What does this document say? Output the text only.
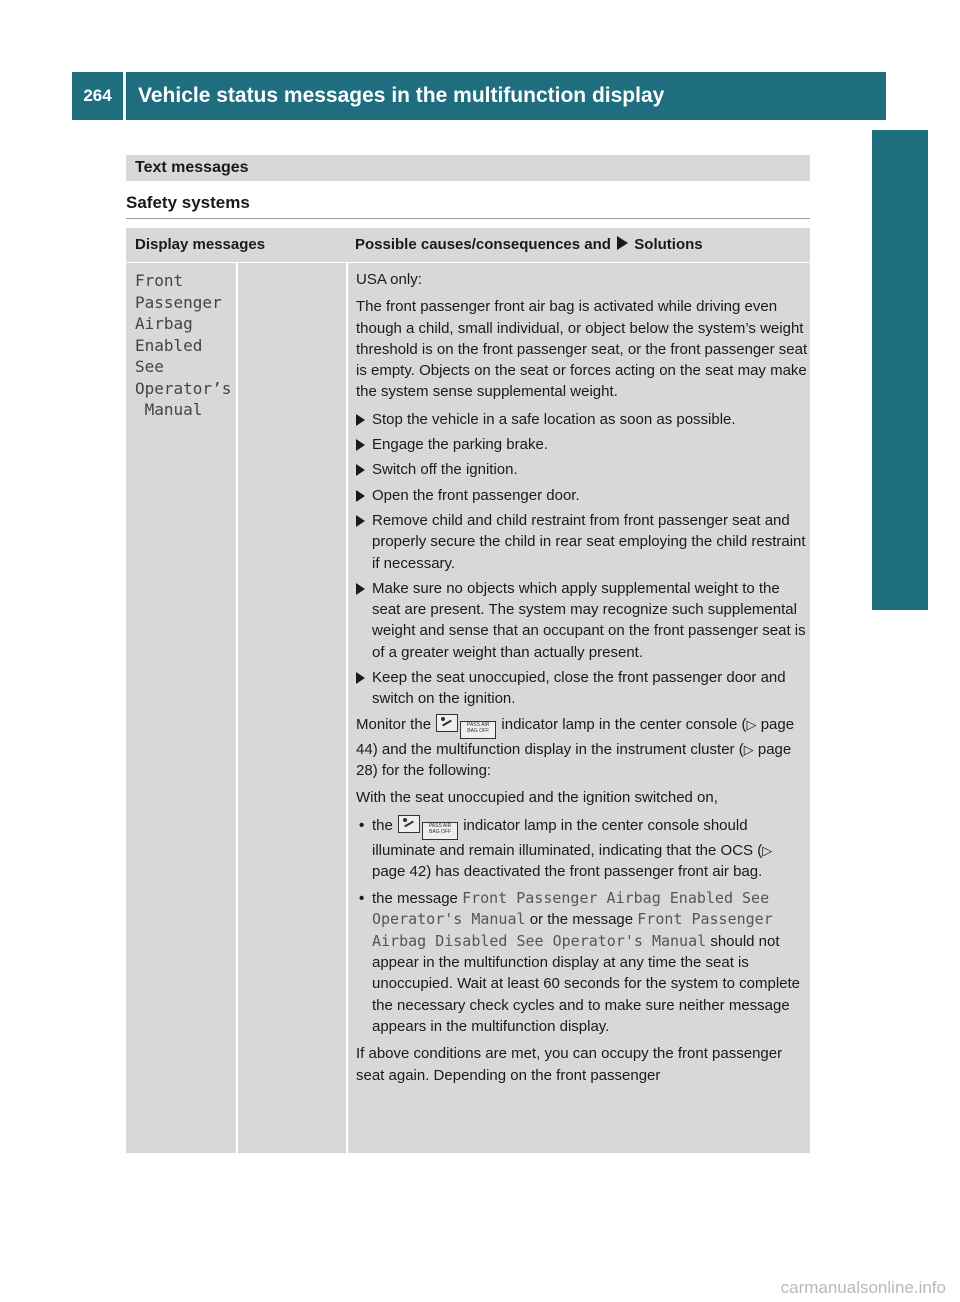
264	Vehicle status messages in the multifunction display
Practical hints
Text messages
Safety systems
Display messages	Possible causes/consequences and Solutions
Front
Passenger
Airbag
Enabled
See
Operator’s
Manual

USA only:

The front passenger front air bag is activated while driving even though a child, small individual, or object below the system’s weight threshold is on the front passenger seat, or the front passenger seat is empty. Objects on the seat or forces acting on the seat may make the system sense supplemental weight.

Stop the vehicle in a safe location as soon as possible.
Engage the parking brake.
Switch off the ignition.
Open the front passenger door.
Remove child and child restraint from front passenger seat and properly secure the child in rear seat employing the child restraint if necessary.
Make sure no objects which apply supplemental weight to the seat are present. The system may recognize such supplemental weight and sense that an occupant on the front passenger seat is of a greater weight than actually present.
Keep the seat unoccupied, close the front passenger door and switch on the ignition.

Monitor the	PASS AIR BAG OFF indicator lamp in the center console (▷ page 44) and the multifunction display in the instrument cluster (▷ page 28) for the following:

With the seat unoccupied and the ignition switched on,

• the	PASS AIR BAG OFF indicator lamp in the center console should illuminate and remain illuminated, indicating that the OCS (▷ page 42) has deactivated the front passenger front air bag.
• the message Front Passenger Airbag Enabled See Operator's Manual or the message Front Passenger Airbag Disabled See Operator's Manual should not appear in the multifunction display at any time the seat is unoccupied. Wait at least 60 seconds for the system to complete the necessary check cycles and to make sure neither message appears in the multifunction display.

If above conditions are met, you can occupy the front passenger seat again. Depending on the front passenger

carmanualsonline.info
